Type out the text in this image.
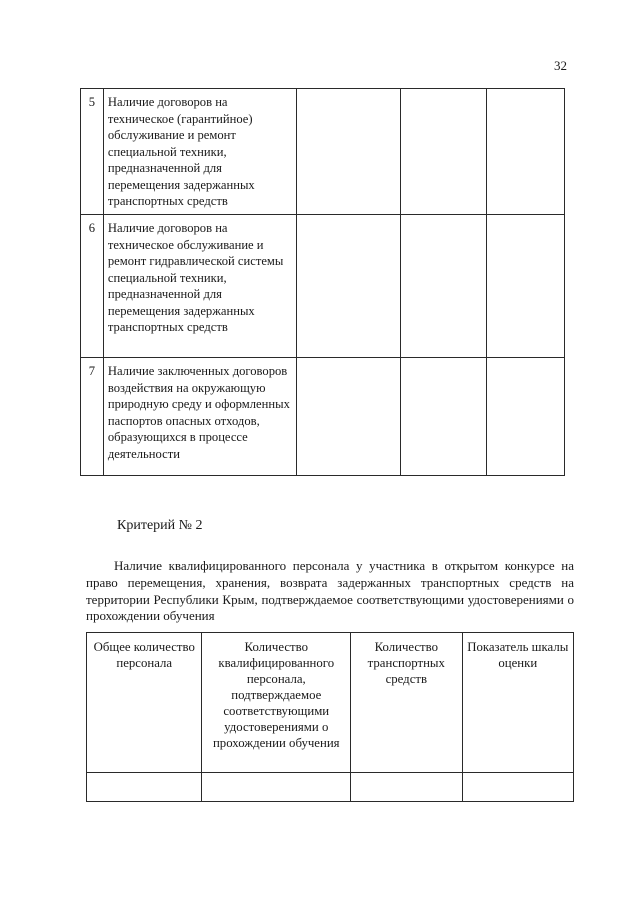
32
5	Наличие договоров на техническое (гарантийное) обслуживание и ремонт специальной техники, предназначенной для перемещения задержанных транспортных средств			
6	Наличие договоров на техническое обслуживание и ремонт гидравлической системы специальной техники, предназначенной для перемещения задержанных транспортных средств			
7	Наличие заключенных договоров воздействия на окружающую природную среду и оформленных паспортов опасных отходов, образующихся в процессе деятельности			
Критерий № 2
Наличие квалифицированного персонала у участника в открытом конкурсе на право перемещения, хранения, возврата задержанных транспортных средств на территории Республики Крым, подтверждаемое соответствующими удостоверениями о прохождении обучения
Общее количество персонала	Количество квалифицированного персонала, подтверждаемое соответствующими удостоверениями о прохождении обучения	Количество транспортных средств	Показатель шкалы оценки
